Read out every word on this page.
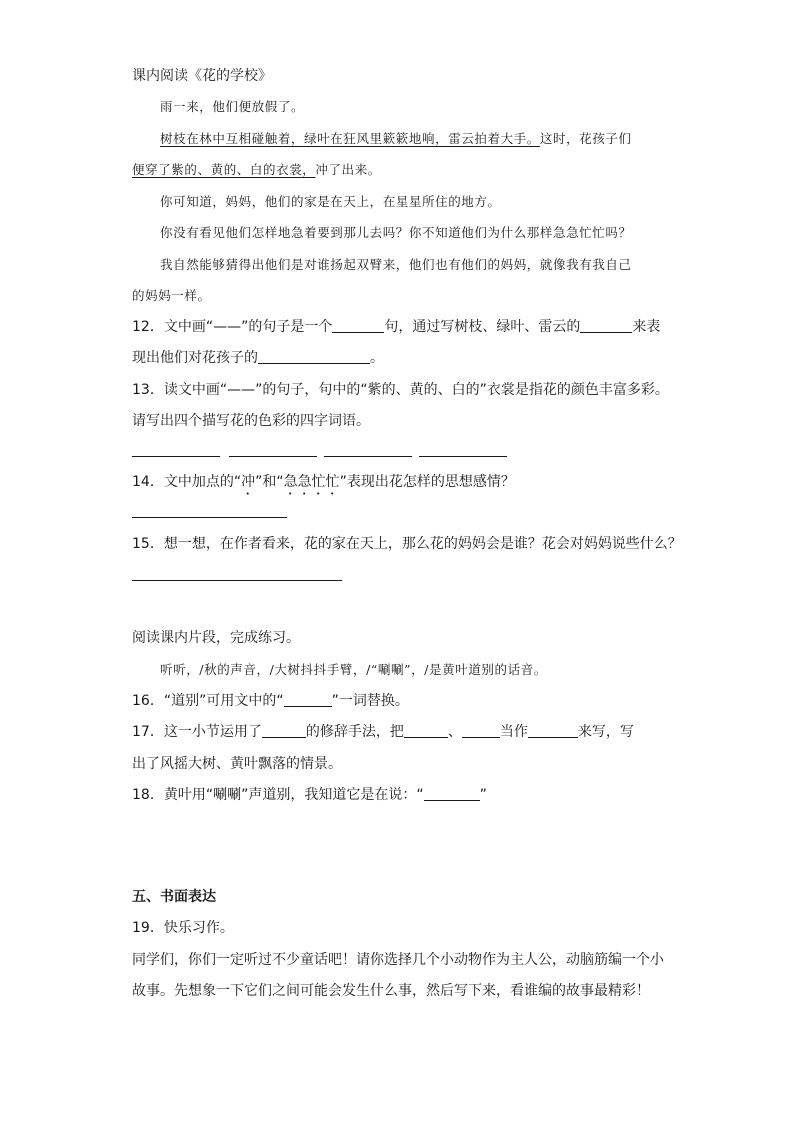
课内阅读《花的学校》
雨一来，他们便放假了。
树枝在林中互相碰触着，绿叶在狂风里簌簌地响，雷云拍着大手。这时，花孩子们
便穿了紫的、黄的、白的衣裳，冲了出来。
你可知道，妈妈，他们的家是在天上，在星星所住的地方。
你没有看见他们怎样地急着要到那儿去吗？你不知道他们为什么那样急急忙忙吗？
我自然能够猜得出他们是对谁扬起双臂来，他们也有他们的妈妈，就像我有我自己
的妈妈一样。
12．文中画“——”的句子是一个	句，通过写树枝、绿叶、雷云的	来表
现出他们对花孩子的	。
13．读文中画“——”的句子，句中的“紫的、黄的、白的”衣裳是指花的颜色丰富多彩。
请写出四个描写花的色彩的四字词语。
14．文中加点的“冲”和“急急忙忙”表现出花怎样的思想感情？
15．想一想，在作者看来，花的家在天上，那么花的妈妈会是谁？花会对妈妈说些什么？
阅读课内片段，完成练习。
听听，/秋的声音，/大树抖抖手臂，/“唰唰”，/是黄叶道别的话音。
16．“道别”可用文中的“	”一词替换。
17．这一小节运用了	的修辞手法，把	、	当作	来写，写
出了风摇大树、黄叶飘落的情景。
18．黄叶用“唰唰”声道别，我知道它是在说：“	”
五、书面表达
19．快乐习作。
同学们，你们一定听过不少童话吧！请你选择几个小动物作为主人公，动脑筋编一个小
故事。先想象一下它们之间可能会发生什么事，然后写下来，看谁编的故事最精彩！
